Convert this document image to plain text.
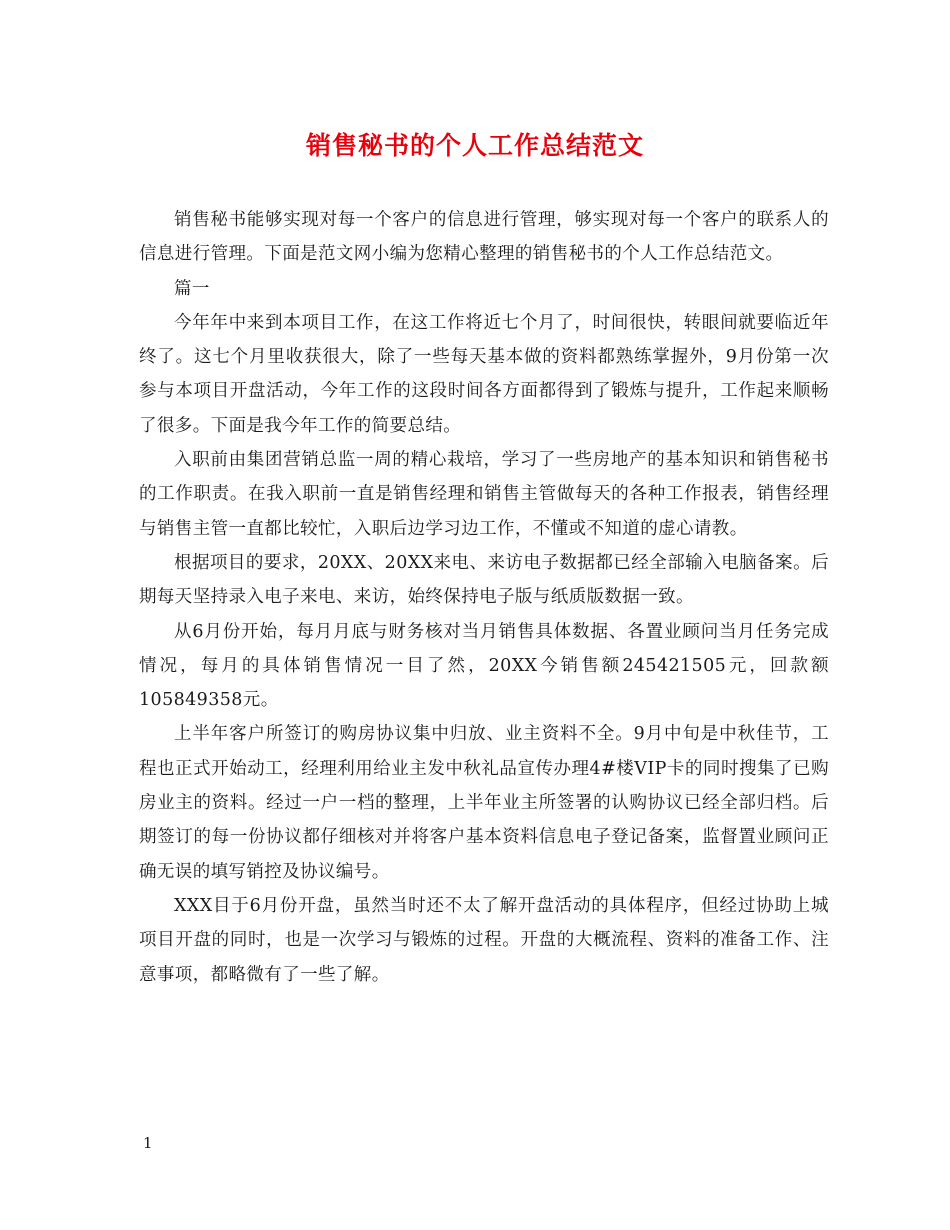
销售秘书的个人工作总结范文

销售秘书能够实现对每一个客户的信息进行管理，够实现对每一个客户的联系人的信息进行管理。下面是范文网小编为您精心整理的销售秘书的个人工作总结范文。

篇一

今年年中来到本项目工作，在这工作将近七个月了，时间很快，转眼间就要临近年终了。这七个月里收获很大，除了一些每天基本做的资料都熟练掌握外，9月份第一次参与本项目开盘活动，今年工作的这段时间各方面都得到了锻炼与提升，工作起来顺畅了很多。下面是我今年工作的简要总结。

入职前由集团营销总监一周的精心栽培，学习了一些房地产的基本知识和销售秘书的工作职责。在我入职前一直是销售经理和销售主管做每天的各种工作报表，销售经理与销售主管一直都比较忙，入职后边学习边工作，不懂或不知道的虚心请教。

根据项目的要求，20XX、20XX来电、来访电子数据都已经全部输入电脑备案。后期每天坚持录入电子来电、来访，始终保持电子版与纸质版数据一致。

从6月份开始，每月月底与财务核对当月销售具体数据、各置业顾问当月任务完成情况，每月的具体销售情况一目了然，20XX今销售额245421505元，回款额105849358元。

上半年客户所签订的购房协议集中归放、业主资料不全。9月中旬是中秋佳节，工程也正式开始动工，经理利用给业主发中秋礼品宣传办理4#楼VIP卡的同时搜集了已购房业主的资料。经过一户一档的整理，上半年业主所签署的认购协议已经全部归档。后期签订的每一份协议都仔细核对并将客户基本资料信息电子登记备案，监督置业顾问正确无误的填写销控及协议编号。

XXX目于6月份开盘，虽然当时还不太了解开盘活动的具体程序，但经过协助上城项目开盘的同时，也是一次学习与锻炼的过程。开盘的大概流程、资料的准备工作、注意事项，都略微有了一些了解。

1
